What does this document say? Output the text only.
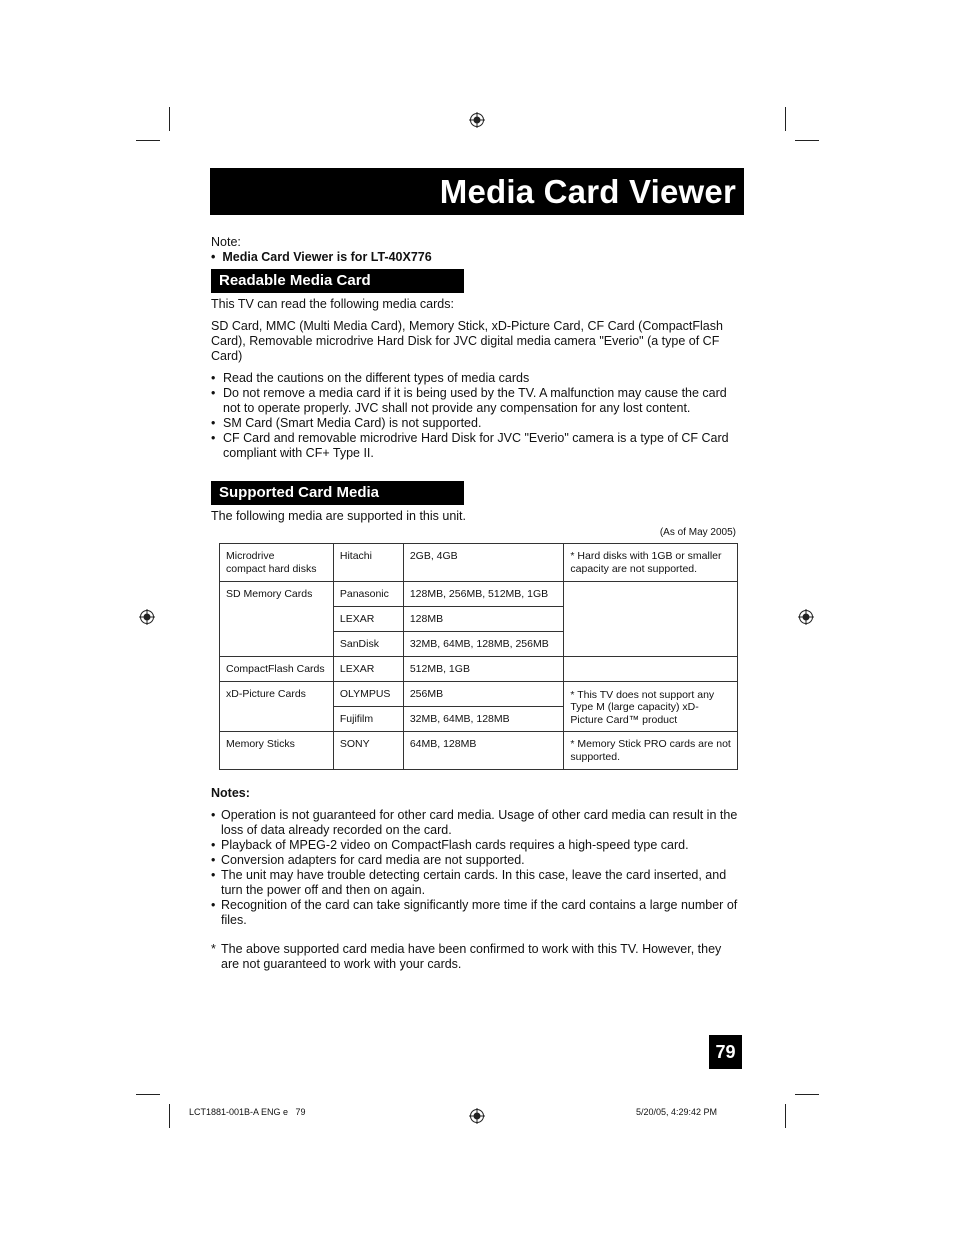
Media Card Viewer
Note:
• Media Card Viewer is for LT-40X776
Readable Media Card
This TV can read the following media cards:
SD Card, MMC (Multi Media Card), Memory Stick, xD-Picture Card, CF Card (CompactFlash Card), Removable microdrive Hard Disk for JVC digital media camera "Everio" (a type of CF Card)
• Read the cautions on the different types of media cards
• Do not remove a media card if it is being used by the TV. A malfunction may cause the card not to operate properly. JVC shall not provide any compensation for any lost content.
• SM Card (Smart Media Card) is not supported.
• CF Card and removable microdrive Hard Disk for JVC "Everio" camera is a type of CF Card compliant with CF+ Type II.
Supported Card Media
The following media are supported in this unit.
(As of May 2005)
Microdrive
compact hard disks	Hitachi	2GB, 4GB	* Hard disks with 1GB or smaller capacity are not supported.
SD Memory Cards	Panasonic	128MB, 256MB, 512MB, 1GB	
	LEXAR	128MB	
	SanDisk	32MB, 64MB, 128MB, 256MB	
CompactFlash Cards	LEXAR	512MB, 1GB	
xD-Picture Cards	OLYMPUS	256MB	* This TV does not support any Type M (large capacity) xD-Picture Card™ product
	Fujifilm	32MB, 64MB, 128MB	
Memory Sticks	SONY	64MB, 128MB	* Memory Stick PRO cards are not supported.
Notes:
• Operation is not guaranteed for other card media. Usage of other card media can result in the loss of data already recorded on the card.
• Playback of MPEG-2 video on CompactFlash cards requires a high-speed type card.
• Conversion adapters for card media are not supported.
• The unit may have trouble detecting certain cards. In this case, leave the card inserted, and turn the power off and then on again.
• Recognition of the card can take significantly more time if the card contains a large number of files.
* The above supported card media have been confirmed to work with this TV. However, they are not guaranteed to work with your cards.
79
LCT1881-001B-A ENG e   79	5/20/05, 4:29:42 PM
